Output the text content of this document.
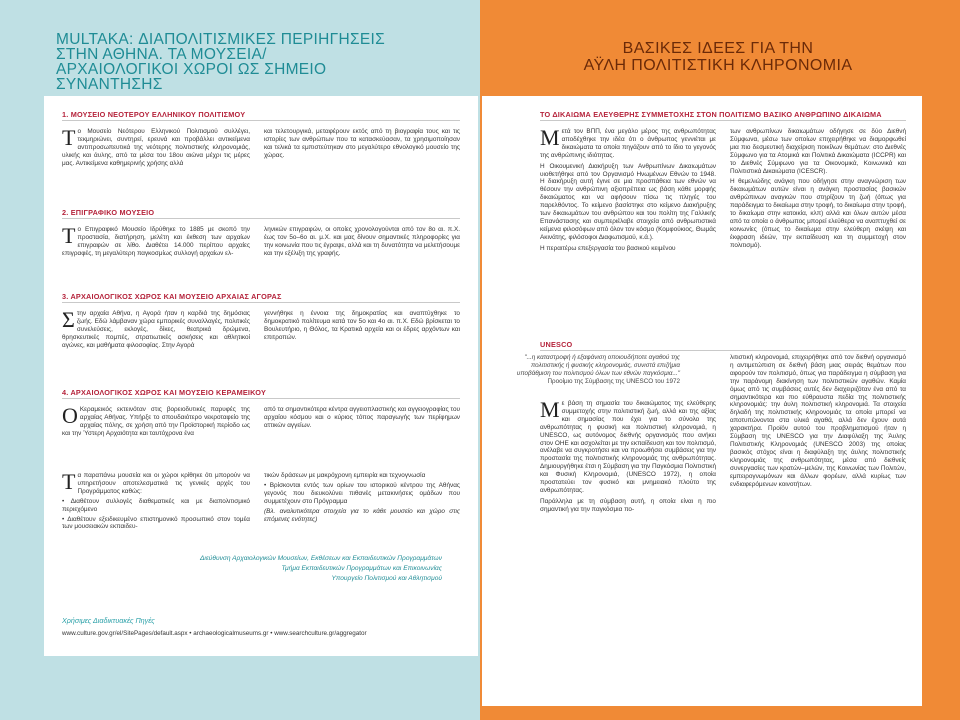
MULTAKA: ΔΙΑΠΟΛΙΤΙΣΜΙΚΕΣ ΠΕΡΙΗΓΗΣΕΙΣ ΣΤΗΝ ΑΘΗΝΑ. ΤΑ ΜΟΥΣΕΙΑ/ΑΡΧΑΙΟΛΟΓΙΚΟΙ ΧΩΡΟΙ ΩΣ ΣΗΜΕΙΟ ΣΥΝΑΝΤΗΣΗΣ
1. ΜΟΥΣΕΙΟ ΝΕΟΤΕΡΟΥ ΕΛΛΗΝΙΚΟΥ ΠΟΛΙΤΙΣΜΟΥ
Το Μουσείο Νεότερου Ελληνικού Πολιτισμού συλλέγει, τεκμηριώνει, συντηρεί, ερευνά και προβάλλει αντικείμενα αντιπροσωπευτικά της νεότερης πολιτιστικής κληρονομιάς, υλικής και άυλης, από τα μέσα του 18ου αιώνα μέχρι τις μέρες μας. Αντικείμενα καθημερινής χρήσης αλλά
και τελετουργικά, μεταφέρουν εκτός από τη βιογραφία τους και τις ιστορίες των ανθρώπων που τα κατασκεύασαν, τα χρησιμοποίησαν και τελικά τα εμπιστεύτηκαν στο μεγαλύτερο εθνολογικό μουσείο της χώρας.
2. ΕΠΙΓΡΑΦΙΚΟ ΜΟΥΣΕΙΟ
Το Επιγραφικό Μουσείο Ιδρύθηκε το 1885 με σκοπό την προστασία, διατήρηση, μελέτη και έκθεση των αρχαίων επιγραφών σε λίθο. Διαθέτει 14.000 περίπου αρχαίες επιγραφές, τη μεγαλύτερη παγκοσμίως συλλογή αρχαίων ελ-
ληνικών επιγραφών, οι οποίες χρονολογούνται από τον 8ο αι. π.Χ. έως τον 5ο–6ο αι. μ.Χ. και μας δίνουν σημαντικές πληροφορίες για την κοινωνία που τις έγραψε, αλλά και τη δυνατότητα να μελετήσουμε και την εξέλιξη της γραφής.
3. ΑΡΧΑΙΟΛΟΓΙΚΟΣ ΧΩΡΟΣ ΚΑΙ ΜΟΥΣΕΙΟ ΑΡΧΑΙΑΣ ΑΓΟΡΑΣ
Στην αρχαία Αθήνα, η Αγορά ήταν η καρδιά της δημόσιας ζωής. Εδώ λάμβαναν χώρα εμπορικές συναλλαγές, πολιτικές συνελεύσεις, εκλογές, δίκες, θεατρικά δρώμενα, θρησκευτικές πομπές, στρατιωτικές ασκήσεις και αθλητικοί αγώνες, και μαθήματα φιλοσοφίας. Στην Αγορά
γεννήθηκε η έννοια της δημοκρατίας και αναπτύχθηκε το δημοκρατικό πολίτευμα κατά τον 5ο και 4ο αι. π.Χ. Εδώ βρίσκεται το Βουλευτήριο, η Θόλος, τα Κρατικά αρχεία και οι έδρες αρχόντων και επιτροπών.
4. ΑΡΧΑΙΟΛΟΓΙΚΟΣ ΧΩΡΟΣ ΚΑΙ ΜΟΥΣΕΙΟ ΚΕΡΑΜΕΙΚΟΥ
Ο Κεραμεικός εκτεινόταν στις βορειοδυτικές παρυφές της αρχαίας Αθήνας. Υπήρξε το σπουδαιότερο νεκροταφείο της αρχαίας πόλης, σε χρήση από την Προϊστορική περίοδο ως και την Ύστερη Αρχαιότητα και ταυτόχρονα ένα
από τα σημαντικότερα κέντρα αγγειοπλαστικής και αγγειογραφίας του αρχαίου κόσμου και ο κύριος τόπος παραγωγής των περίφημων αττικών αγγείων.
Τα παραπάνω μουσεία και οι χώροι κρίθηκε ότι μπορούν να υπηρετήσουν αποτελεσματικά τις γενικές αρχές του Προγράμματος καθώς:
• Διαθέτουν συλλογές διαθεματικές και με διαπολιτισμικό περιεχόμενο
• Διαθέτουν εξειδικευμένο επιστημονικό προσωπικό στον τομέα των μουσειακών εκπαιδευ-
τικών δράσεων με μακρόχρονη εμπειρία και τεχνογνωσία
• Βρίσκονται εντός των ορίων του ιστορικού κέντρου της Αθήνας γεγονός που διευκολύνει πιθανές μετακινήσεις ομάδων που συμμετέχουν στο Πρόγραμμα
(Βλ. αναλυτικότερα στοιχεία για το κάθε μουσείο και χώρο στις επόμενες ενότητες)
Διεύθυνση Αρχαιολογικών Μουσείων, Εκθέσεων και Εκπαιδευτικών Προγραμμάτων
Τμήμα Εκπαιδευτικών Προγραμμάτων και Επικοινωνίας
Υπουργείο Πολιτισμού και Αθλητισμού
Χρήσιμες Διαδικτυακές Πηγές
www.culture.gov.gr/el/SitePages/default.aspx • archaeologicalmuseums.gr • www.searchculture.gr/aggregator
ΒΑΣΙΚΕΣ ΙΔΕΕΣ ΓΙΑ ΤΗΝ
ΑΫΛΗ ΠΟΛΙΤΙΣΤΙΚΗ ΚΛΗΡΟΝΟΜΙΑ
ΤΟ ΔΙΚΑΙΩΜΑ ΕΛΕΥΘΕΡΗΣ ΣΥΜΜΕΤΟΧΗΣ ΣΤΟΝ ΠΟΛΙΤΙΣΜΟ ΒΑΣΙΚΟ ΑΝΘΡΩΠΙΝΟ ΔΙΚΑΙΩΜΑ

Μετά τον ΒΠΠ, ένα μεγάλο μέρος της ανθρωπότητας αποδέχθηκε την ιδέα ότι ο άνθρωπος γεννιέται με δικαιώματα τα οποία πηγάζουν από το ίδιο το γεγονός της ανθρώπινης ιδιότητας.

Η Οικουμενική Διακήρυξη των Ανθρωπίνων Δικαιωμάτων υιοθετήθηκε από τον Οργανισμό Ηνωμένων Εθνών το 1948. Η διακήρυξη αυτή έγινε σε μια προσπάθεια των εθνών να θέσουν την ανθρώπινη αξιοπρέπεια ως βάση κάθε μορφής δικαιώματος και να αφήσουν πίσω τις πληγές του παρελθόντος. Το κείμενο βασίστηκε στο κείμενο Διακήρυξης των δικαιωμάτων του ανθρώπου και του πολίτη της Γαλλικής Επανάστασης και συμπεριέλαβε στοιχεία από ανθρωπιστικά κείμενα φιλοσόφων από όλον τον κόσμο (Κομφούκιος, Θωμάς Ακινάτης, φιλόσοφοι Διαφωτισμού, κ.ά.).

Η περαιτέρω επεξεργασία του βασικού κειμένου

των ανθρωπίνων δικαιωμάτων οδήγησε σε δύο Διεθνή Σύμφωνα, μέσω των οποίων επιχειρήθηκε να διαμορφωθεί μια πιο δεσμευτική διαχείριση ποικίλων θεμάτων: στο Διεθνές Σύμφωνο για τα Ατομικά και Πολιτικά Δικαιώματα (ICCPR) και το Διεθνές Σύμφωνο για τα Οικονομικά, Κοινωνικά και Πολιτιστικά Δικαιώματα (ICESCR).

Η θεμελιώδης ανάγκη που οδήγησε στην αναγνώριση των δικαιωμάτων αυτών είναι η ανάγκη προστασίας βασικών ανθρώπινων αναγκών που στηρίζουν τη ζωή (όπως για παράδειγμα το δικαίωμα στην τροφή, το δικαίωμα στην τροφή, το δικαίωμα στην κατοικία, κλπ) αλλά και όλων αυτών μέσα από τα οποία ο άνθρωπος μπορεί ελεύθερα να αναπτυχθεί σε κοινωνίες (όπως το δικαίωμα στην ελεύθερη σκέψη και έκφραση ιδεών, την εκπαίδευση και τη συμμετοχή στον πολιτισμό).

UNESCO
"...η καταστροφή ή εξαφάνιση οποιουδήποτε αγαθού της πολιτιστικής ή φυσικής κληρονομιάς, συνιστά επιζήμια υποβάθμιση του πολιτισμού όλων των εθνών παγκόσμια..."
Προοίμιο της Σύμβασης της UNESCO του 1972

Με βάση τη σημασία του δικαιώματος της ελεύθερης συμμετοχής στην πολιτιστική ζωή, αλλά και της αξίας και σημασίας που έχει για το σύνολο της ανθρωπότητας η φυσική και πολιτιστική κληρονομιά, η UNESCO, ως αυτόνομος διεθνής οργανισμός που ανήκει στον ΟΗΕ και ασχολείται με την εκπαίδευση και τον πολιτισμό, ανέλαβε να συγκροτήσει και να προωθήσει συμβάσεις για την προστασία της πολιτιστικής κληρονομιάς της ανθρωπότητας. Δημιουργήθηκε έτσι η Σύμβαση για την Παγκόσμια Πολιτιστική και Φυσική Κληρονομιά, (UNESCO 1972), η οποία προστατεύει τον φυσικό και μνημειακό πλούτο της ανθρωπότητας.

Παράλληλα με τη σύμβαση αυτή, η οποία είναι η πιο σημαντική για την παγκόσμια πο-

λιτιστική κληρονομιά, επιχειρήθηκε από τον διεθνή οργανισμό η αντιμετώπιση σε διεθνή βάση μιας σειράς θεμάτων που αφορούν τον πολιτισμό, όπως για παράδειγμα η σύμβαση για την παράνομη διακίνηση των πολιτιστικών αγαθών. Καμία όμως από τις συμβάσεις αυτές δεν διαχειριζόταν ένα από τα σημαντικότερα και πιο εύθραυστα πεδία της πολιτιστικής κληρονομιάς: την άυλη πολιτιστική κληρονομιά. Τα στοιχεία δηλαδή της πολιτιστικής κληρονομιάς τα οποία μπορεί να αποτυπώνονται στα υλικά αγαθά, αλλά δεν έχουν αυτά χαρακτήρα. Προϊόν αυτού του προβληματισμού ήταν η Σύμβαση της UNESCO για την Διαφύλαξη της Άυλης Πολιτιστικής Κληρονομιάς (UNESCO 2003) της οποίας βασικός στόχος είναι η διαφύλαξη της άυλης πολιτιστικής κληρονομιάς της ανθρωπότητας, μέσα από διεθνείς συνεργασίες των κρατών–μελών, της Κοινωνίας των Πολιτών, εμπειρογνωμόνων και άλλων φορέων, αλλά κυρίως των ενδιαφερόμενων κοινοτήτων.
